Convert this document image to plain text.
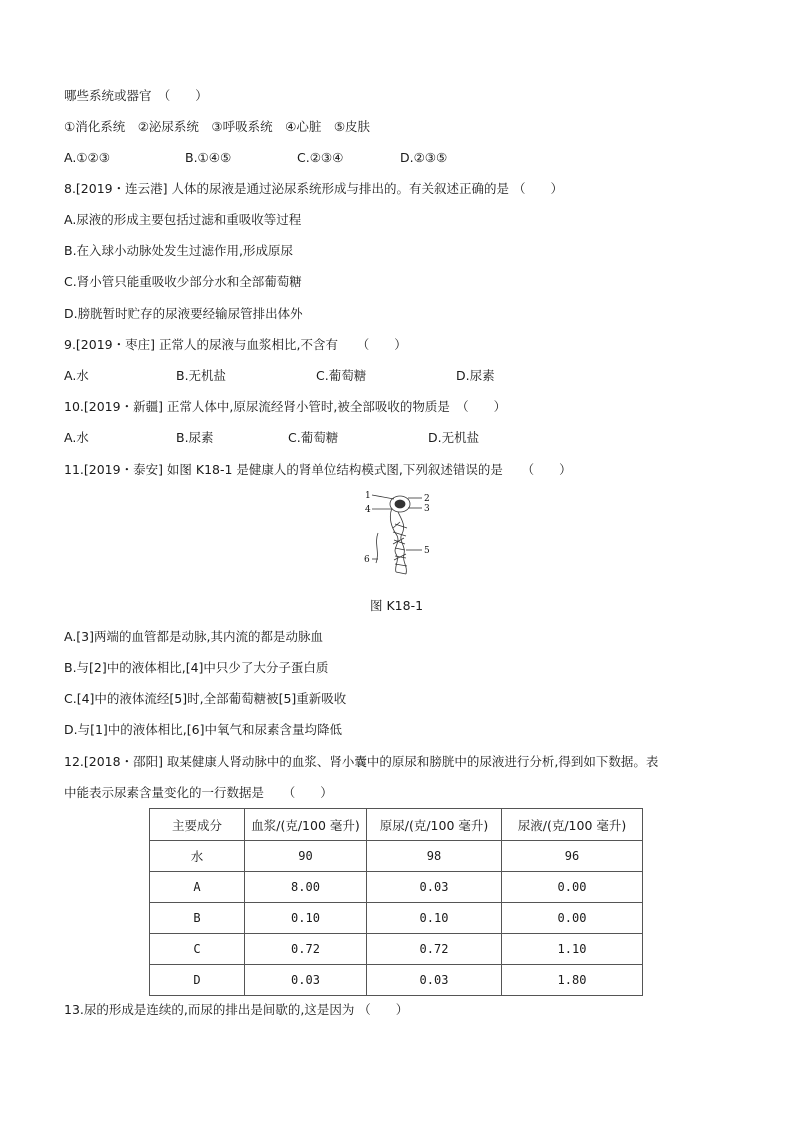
哪些系统或器官　（　　）
①消化系统　②泌尿系统　③呼吸系统　④心脏　⑤皮肤
A.①②③	B.①④⑤	C.②③④	D.②③⑤
8.[2019・连云港] 人体的尿液是通过泌尿系统形成与排出的。有关叙述正确的是 （　　）
A.尿液的形成主要包括过滤和重吸收等过程
B.在入球小动脉处发生过滤作用,形成原尿
C.肾小管只能重吸收少部分水和全部葡萄糖
D.膀胱暂时贮存的尿液要经输尿管排出体外
9.[2019・枣庄] 正常人的尿液与血浆相比,不含有　　（　　）
A.水	B.无机盐	C.葡萄糖	D.尿素
10.[2019・新疆] 正常人体中,原尿流经肾小管时,被全部吸收的物质是　（　　）
A.水	B.尿素	C.葡萄糖	D.无机盐
11.[2019・泰安] 如图 K18-1 是健康人的肾单位结构模式图,下列叙述错误的是　　（　　）
1	2
3
4
5
6
图 K18-1
A.[3]两端的血管都是动脉,其内流的都是动脉血
B.与[2]中的液体相比,[4]中只少了大分子蛋白质
C.[4]中的液体流经[5]时,全部葡萄糖被[5]重新吸收
D.与[1]中的液体相比,[6]中氧气和尿素含量均降低
12.[2018・邵阳] 取某健康人肾动脉中的血浆、肾小囊中的原尿和膀胱中的尿液进行分析,得到如下数据。表
中能表示尿素含量变化的一行数据是　　（　　）
主要成分	血浆/(克/100 毫升)	原尿/(克/100 毫升)	尿液/(克/100 毫升)
水	90	98	96
A	8.00	0.03	0.00
B	0.10	0.10	0.00
C	0.72	0.72	1.10
D	0.03	0.03	1.80
13.尿的形成是连续的,而尿的排出是间歇的,这是因为 （　　）
